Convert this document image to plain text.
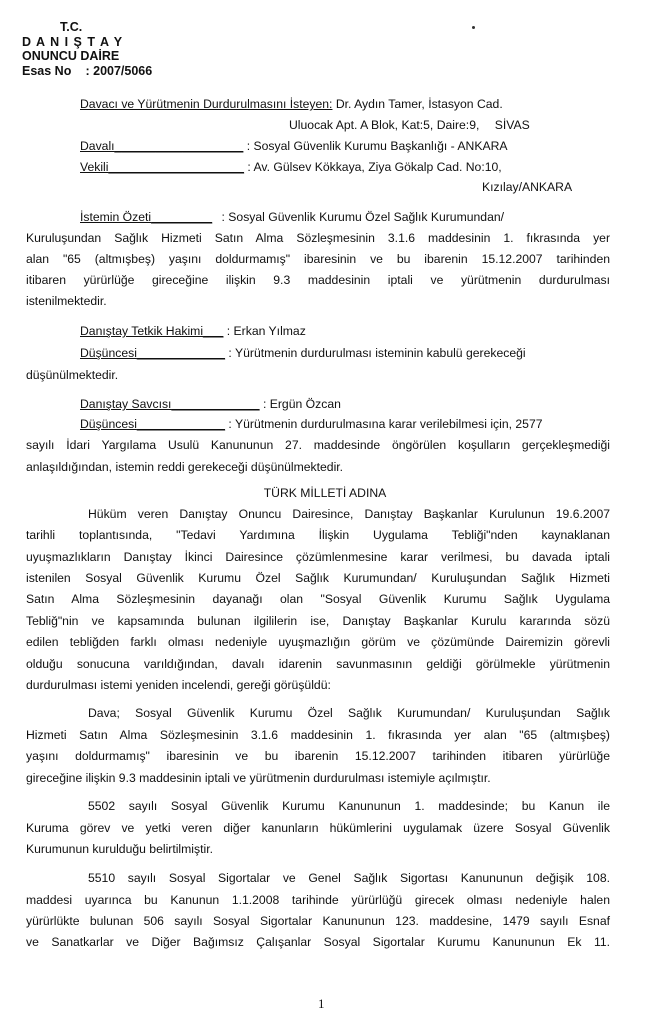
T.C.
D A N I Ş T A Y
ONUNCU DAİRE
Esas No : 2007/5066
Davacı ve Yürütmenin Durdurulmasını İsteyen: Dr. Aydın Tamer, İstasyon Cad.
Uluocak Apt. A Blok, Kat:5, Daire:9, SİVAS
Davalı___________________ : Sosyal Güvenlik Kurumu Başkanlığı - ANKARA
Vekili____________________ : Av. Gülsev Kökkaya, Ziya Gökalp Cad. No:10,
Kızılay/ANKARA
İstemin Özeti_________ : Sosyal Güvenlik Kurumu Özel Sağlık Kurumundan/
Kuruluşundan Sağlık Hizmeti Satın Alma Sözleşmesinin 3.1.6 maddesinin 1. fıkrasında yer
alan "65 (altmışbeş) yaşını doldurmamış" ibaresinin ve bu ibarenin 15.12.2007 tarihinden
itibaren yürürlüğe gireceğine ilişkin 9.3 maddesinin iptali ve yürütmenin durdurulması
istenilmektedir.
Danıştay Tetkik Hakimi___ : Erkan Yılmaz
Düşüncesi_____________ : Yürütmenin durdurulması isteminin kabulü gerekeceği
düşünülmektedir.
Danıştay Savcısı_____________ : Ergün Özcan
Düşüncesi_____________ : Yürütmenin durdurulmasına karar verilebilmesi için, 2577
sayılı İdari Yargılama Usulü Kanununun 27. maddesinde öngörülen koşulların gerçekleşmediği
anlaşıldığından, istemin reddi gerekeceği düşünülmektedir.
TÜRK MİLLETİ ADINA
Hüküm veren Danıştay Onuncu Dairesince, Danıştay Başkanlar Kurulunun 19.6.2007
tarihli toplantısında, "Tedavi Yardımına İlişkin Uygulama Tebliği"nden kaynaklanan
uyuşmazlıkların Danıştay İkinci Dairesince çözümlenmesine karar verilmesi, bu davada iptali
istenilen Sosyal Güvenlik Kurumu Özel Sağlık Kurumundan/ Kuruluşundan Sağlık Hizmeti
Satın Alma Sözleşmesinin dayanağı olan "Sosyal Güvenlik Kurumu Sağlık Uygulama
Tebliğ"nin ve kapsamında bulunan ilgililerin ise, Danıştay Başkanlar Kurulu kararında sözü
edilen tebliğden farklı olması nedeniyle uyuşmazlığın görüm ve çözümünde Dairemizin görevli
olduğu sonucuna varıldığından, davalı idarenin savunmasının geldiği görülmekle yürütmenin
durdurulması istemi yeniden incelendi, gereği görüşüldü:
Dava; Sosyal Güvenlik Kurumu Özel Sağlık Kurumundan/ Kuruluşundan Sağlık
Hizmeti Satın Alma Sözleşmesinin 3.1.6 maddesinin 1. fıkrasında yer alan "65 (altmışbeş)
yaşını doldurmamış" ibaresinin ve bu ibarenin 15.12.2007 tarihinden itibaren yürürlüğe
gireceğine ilişkin 9.3 maddesinin iptali ve yürütmenin durdurulması istemiyle açılmıştır.
5502 sayılı Sosyal Güvenlik Kurumu Kanununun 1. maddesinde; bu Kanun ile
Kuruma görev ve yetki veren diğer kanunların hükümlerini uygulamak üzere Sosyal Güvenlik
Kurumunun kurulduğu belirtilmiştir.
5510 sayılı Sosyal Sigortalar ve Genel Sağlık Sigortası Kanununun değişik 108.
maddesi uyarınca bu Kanunun 1.1.2008 tarihinde yürürlüğü girecek olması nedeniyle halen
yürürlükte bulunan 506 sayılı Sosyal Sigortalar Kanununun 123. maddesine, 1479 sayılı Esnaf
ve Sanatkarlar ve Diğer Bağımsız Çalışanlar Sosyal Sigortalar Kurumu Kanununun Ek 11.
1
